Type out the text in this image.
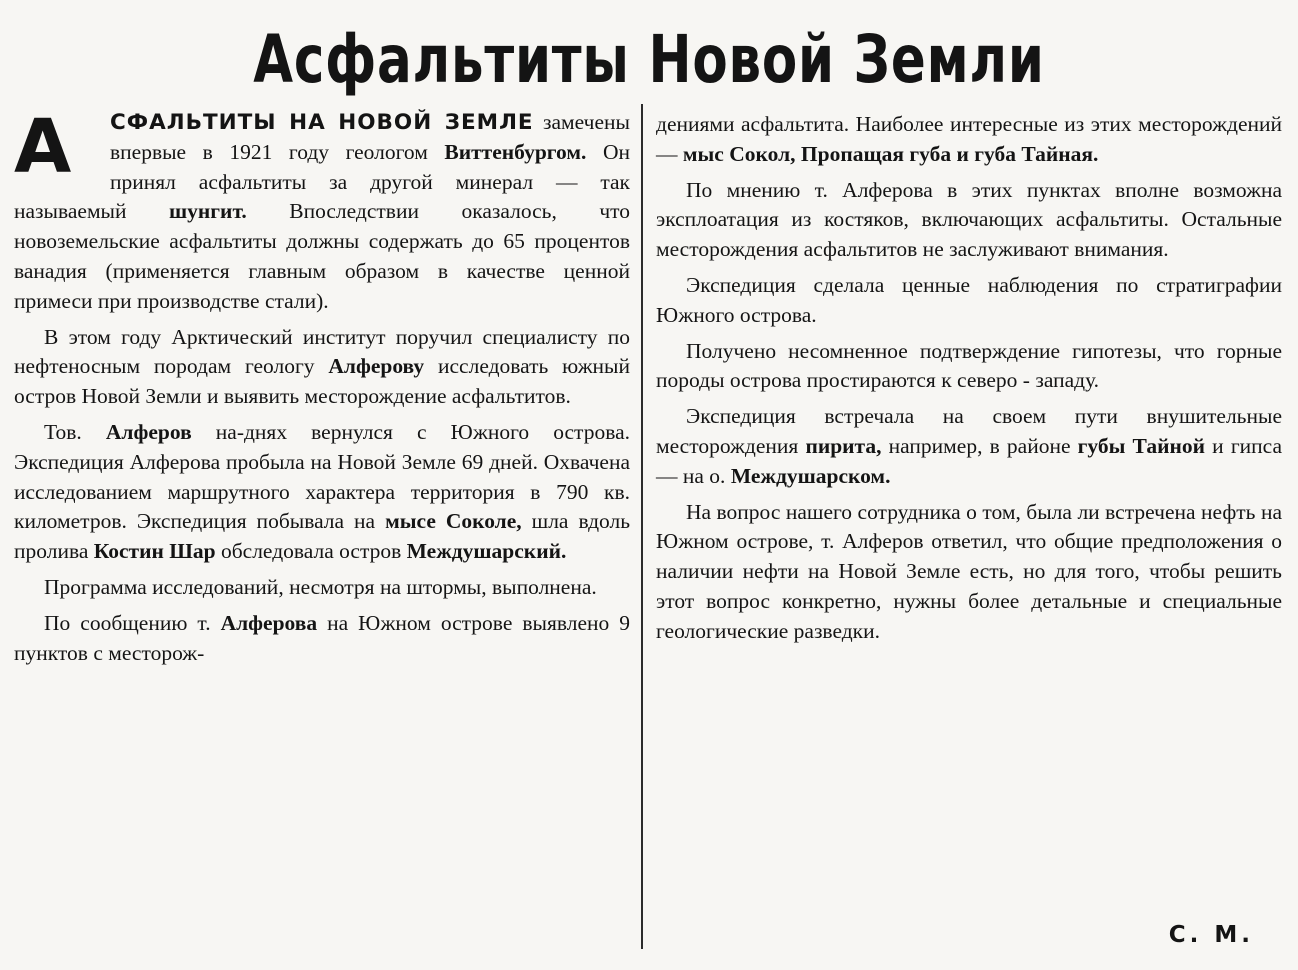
Асфальтиты Новой Земли

А	СФАЛЬТИТЫ НА НОВОЙ ЗЕМЛЕ замечены впервые в 1921 году геологом Виттенбургом. Он принял асфальтиты за другой минерал — так называемый шунгит. Впоследствии оказалось, что новоземельские асфальтиты должны содержать до 65 процентов ванадия (применяется главным образом в качестве ценной примеси при производстве стали).

В этом году Арктический институт поручил специалисту по нефтеносным породам геологу Алферову исследовать южный остров Новой Земли и выявить месторождение асфальтитов.

Тов. Алферов на-днях вернулся с Южного острова. Экспедиция Алферова пробыла на Новой Земле 69 дней. Охвачена исследованием маршрутного характера территория в 790 кв. километров. Экспедиция побывала на мысе Соколе, шла вдоль пролива Костин Шар обследовала остров Междушарский.

Программа исследований, несмотря на штормы, выполнена.

По сообщению т. Алферова на Южном острове выявлено 9 пунктов с месторож-

дениями асфальтита. Наиболее интересные из этих месторождений — мыс Сокол, Пропащая губа и губа Тайная.

По мнению т. Алферова в этих пунктах вполне возможна эксплоатация из костяков, включающих асфальтиты. Остальные месторождения асфальтитов не заслуживают внимания.

Экспедиция сделала ценные наблюдения по стратиграфии Южного острова.

Получено несомненное подтверждение гипотезы, что горные породы острова простираются к северо - западу.

Экспедиция встречала на своем пути внушительные месторождения пирита, например, в районе губы Тайной и гипса — на о. Междушарском.

На вопрос нашего сотрудника о том, была ли встречена нефть на Южном острове, т. Алферов ответил, что общие предположения о наличии нефти на Новой Земле есть, но для того, чтобы решить этот вопрос конкретно, нужны более детальные и специальные геологические разведки.

С. М.
